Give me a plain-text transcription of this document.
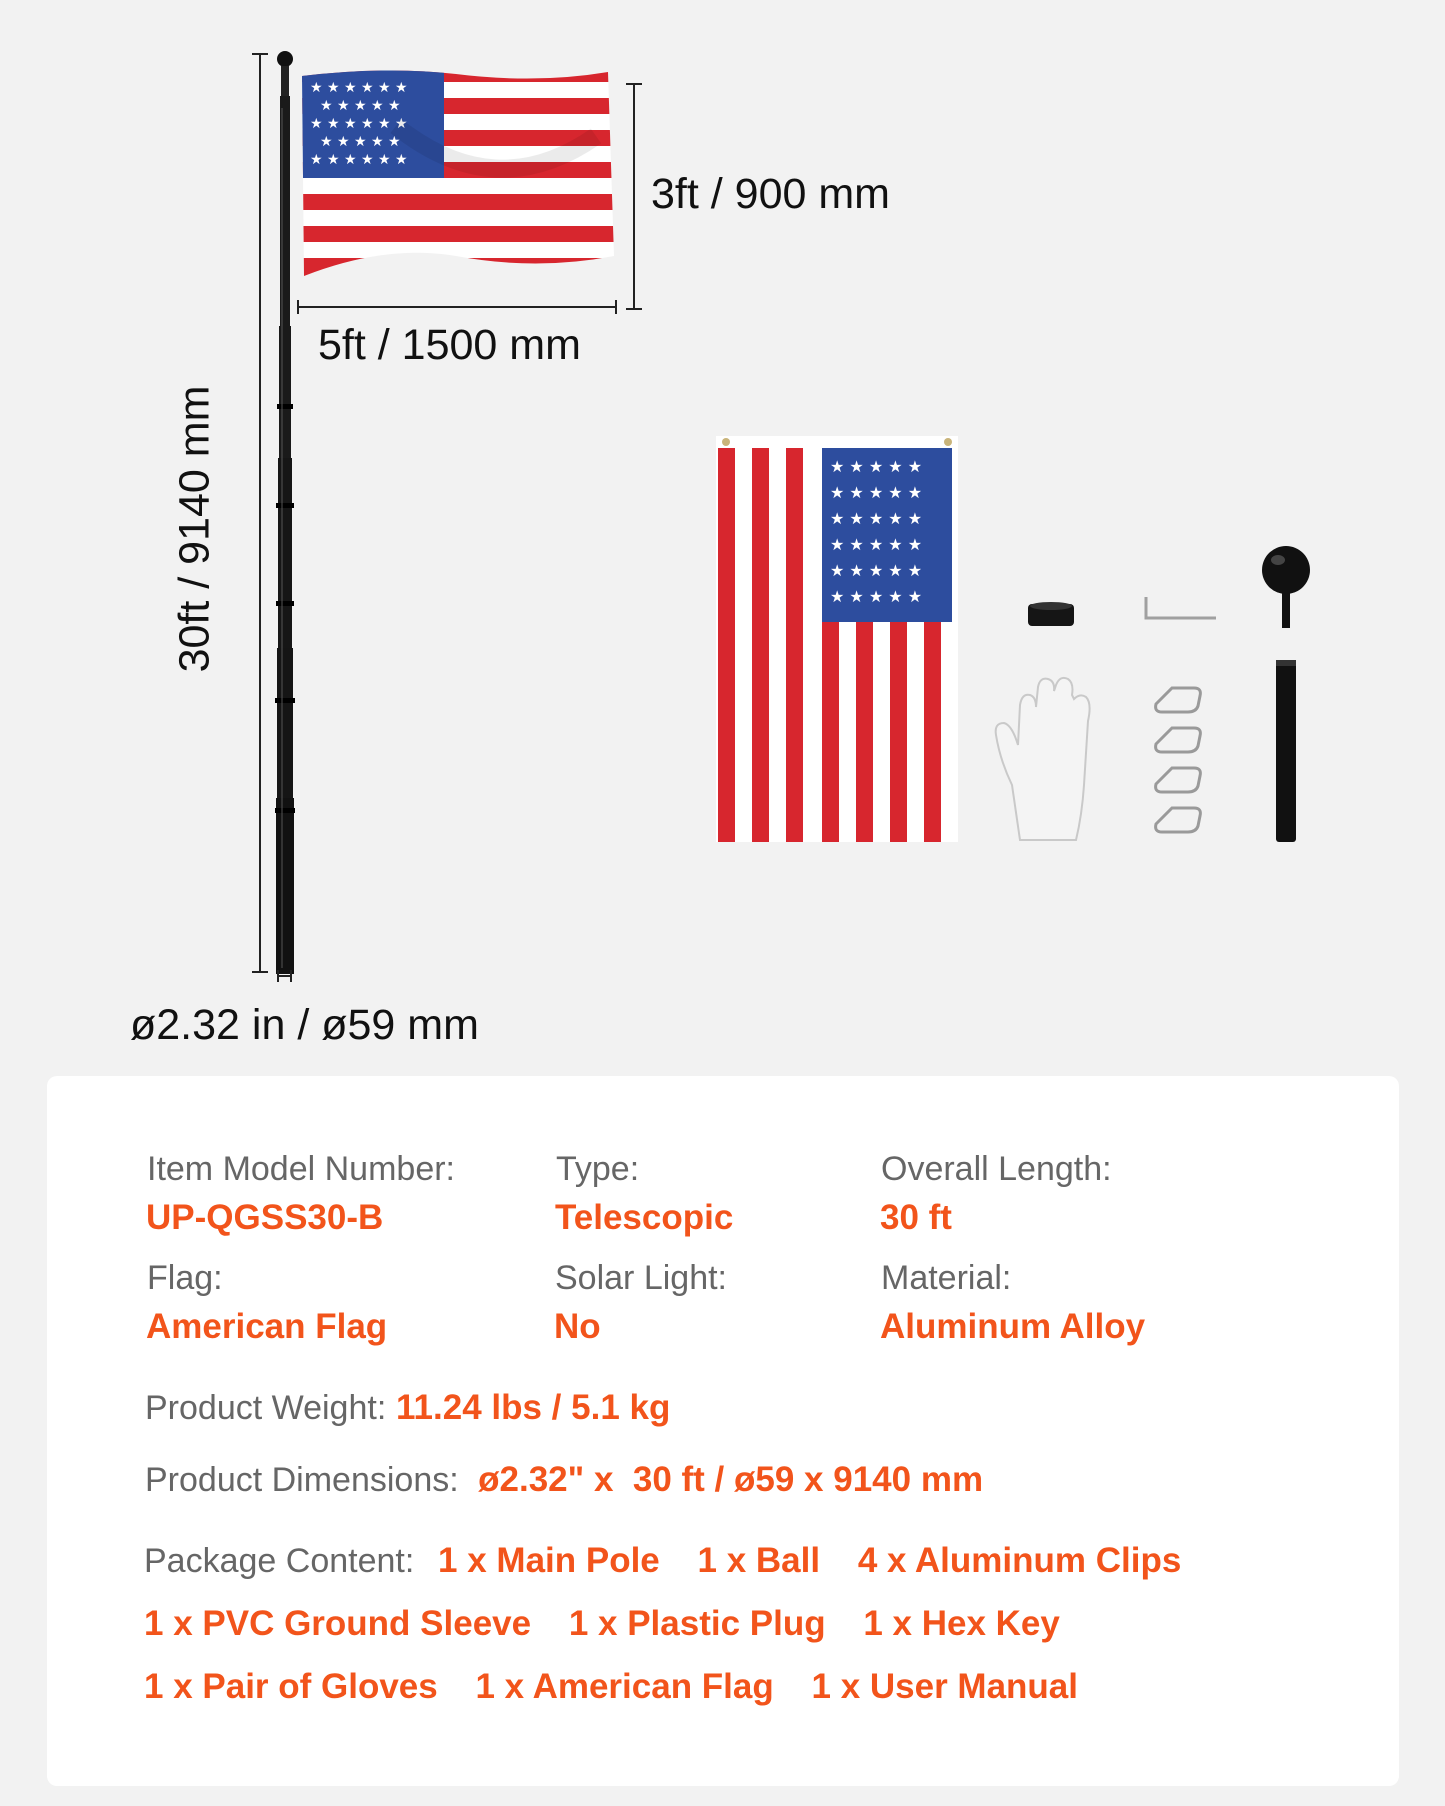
30ft / 9140 mm
ø2.32 in / ø59 mm
★ ★ ★ ★ ★ ★
★ ★ ★ ★ ★
★ ★ ★ ★ ★ ★
★ ★ ★ ★ ★
★ ★ ★ ★ ★ ★
3ft / 900 mm
5ft / 1500 mm
★ ★ ★ ★ ★
★ ★ ★ ★ ★
★ ★ ★ ★ ★
★ ★ ★ ★ ★
★ ★ ★ ★ ★
★ ★ ★ ★ ★
Item Model Number:
UP-QGSS30-B
Type:
Telescopic
Overall Length:
30 ft
Flag:
American Flag
Solar Light:
No
Material:
Aluminum Alloy
Product Weight: 11.24 lbs / 5.1 kg
Product Dimensions: ø2.32" x  30 ft / ø59 x 9140 mm
Package Content: 1 x Main Pole 1 x Ball 4 x Aluminum Clips
1 x PVC Ground Sleeve 1 x Plastic Plug 1 x Hex Key
1 x Pair of Gloves 1 x American Flag 1 x User Manual
